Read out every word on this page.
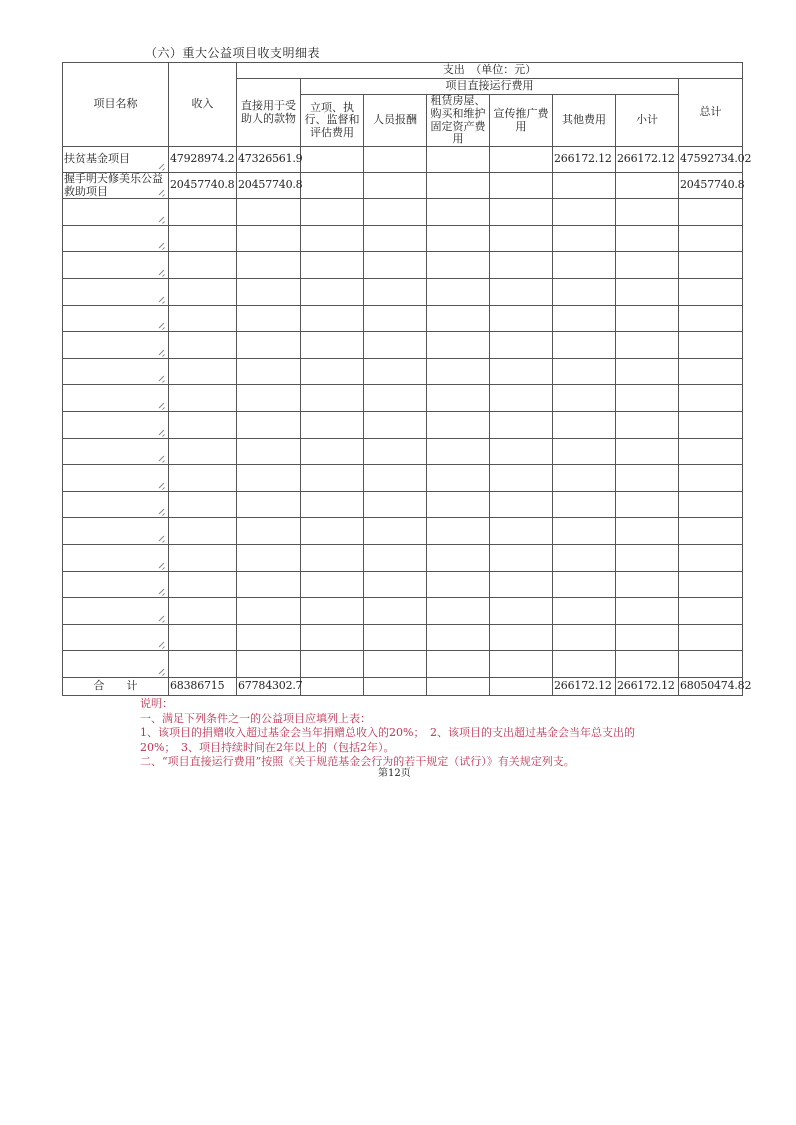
（六）重大公益项目收支明细表
项目名称	收入	支出　（单位：元）							
		直接用于受助人的款物	项目直接运行费用						总计
			立项、执行、监督和评估费用	人员报酬	租赁房屋、购买和维护固定资产费用	宣传推广费用	其他费用	小计	
扶贫基金项目	47928974.2	47326561.9					266172.12	266172.12	47592734.02
握手明天修美乐公益救助项目	20457740.8	20457740.8							20457740.8

合　　计	68386715	67784302.7					266172.12	266172.12	68050474.82
说明：
一、满足下列条件之一的公益项目应填列上表：
1、该项目的捐赠收入超过基金会当年捐赠总收入的20%；　2、该项目的支出超过基金会当年总支出的
20%；　3、项目持续时间在2年以上的（包括2年）。
二、“项目直接运行费用”按照《关于规范基金会行为的若干规定（试行）》有关规定列支。
第12页
